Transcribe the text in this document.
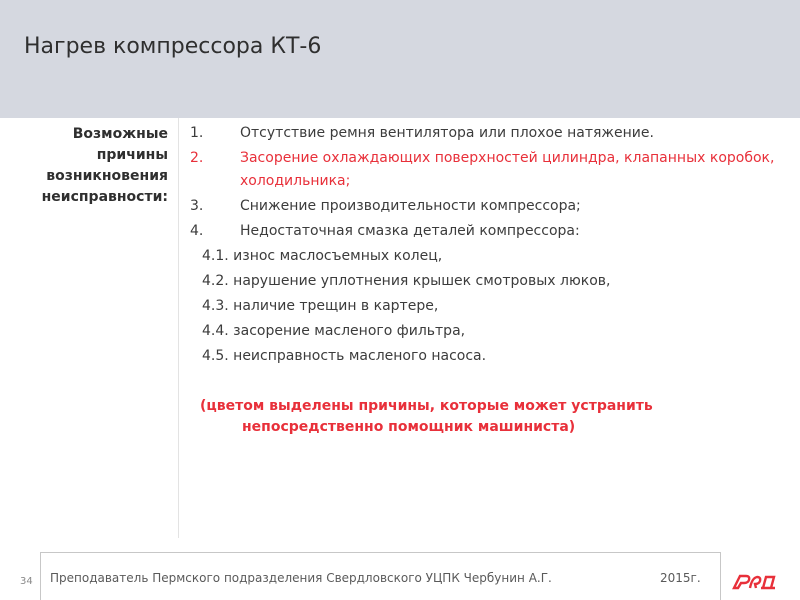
Нагрев компрессора КТ-6
Возможные
причины
возникновения
неисправности:
1.	Отсутствие ремня вентилятора или плохое натяжение.
2.	Засорение охлаждающих поверхностей цилиндра, клапанных коробок, холодильника;
3.	Снижение производительности компрессора;
4.	Недостаточная смазка деталей компрессора:
4.1. износ маслосъемных колец,
4.2. нарушение уплотнения крышек смотровых люков,
4.3. наличие трещин в картере,
4.4. засорение масленого фильтра,
4.5. неисправность масленого насоса.
(цветом выделены причины, которые может устранить
непосредственно помощник машиниста)
34 Преподаватель Пермского подразделения Свердловского УЦПК Чербунин А.Г.	2015г.
